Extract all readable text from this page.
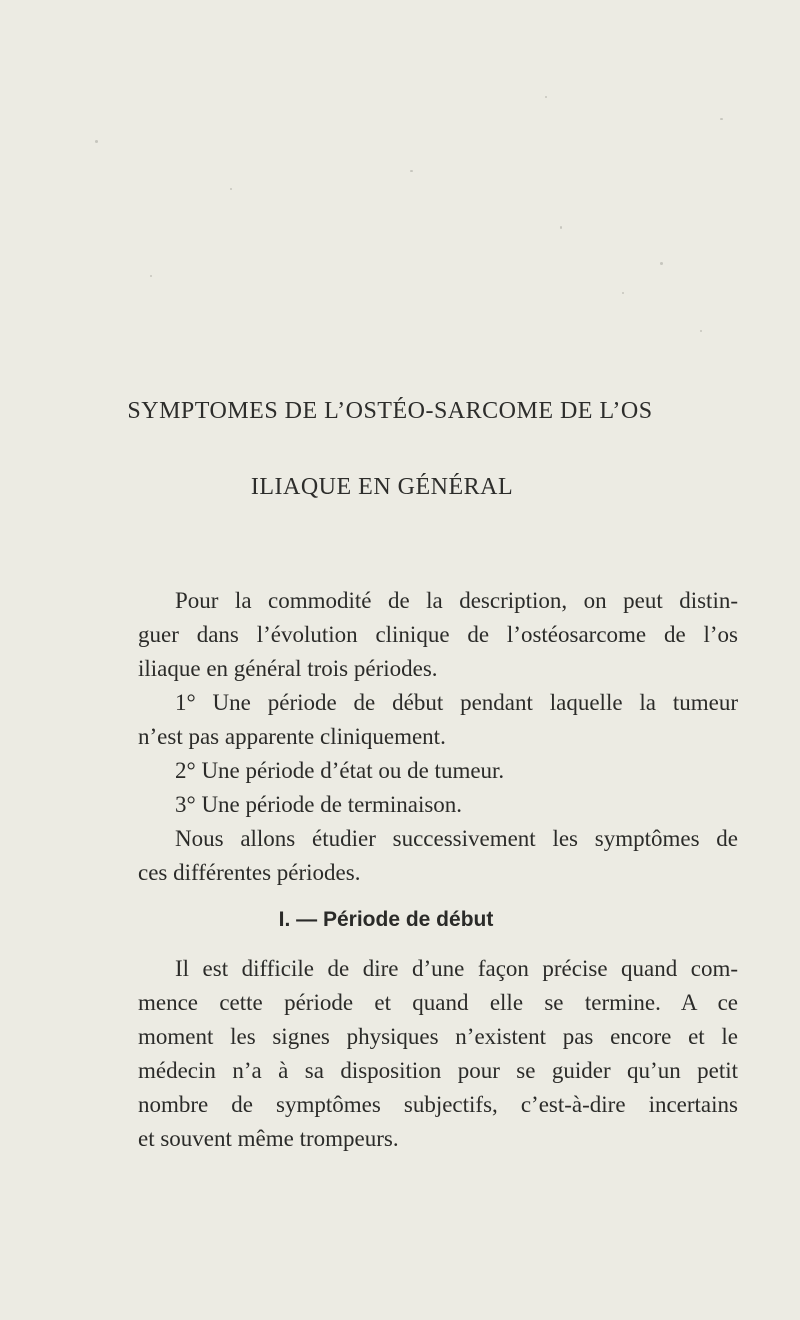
SYMPTOMES DE L’OSTÉO-SARCOME DE L’OS
ILIAQUE EN GÉNÉRAL
Pour la commodité de la description, on peut distin-
guer dans l’évolution clinique de l’ostéosarcome de l’os
iliaque en général trois périodes.
1° Une période de début pendant laquelle la tumeur
n’est pas apparente cliniquement.
2° Une période d’état ou de tumeur.
3° Une période de terminaison.
Nous allons étudier successivement les symptômes de
ces différentes périodes.
I. — Période de début
Il est difficile de dire d’une façon précise quand com-
mence cette période et quand elle se termine. A ce
moment les signes physiques n’existent pas encore et le
médecin n’a à sa disposition pour se guider qu’un petit
nombre de symptômes subjectifs, c’est-à-dire incertains
et souvent même trompeurs.
